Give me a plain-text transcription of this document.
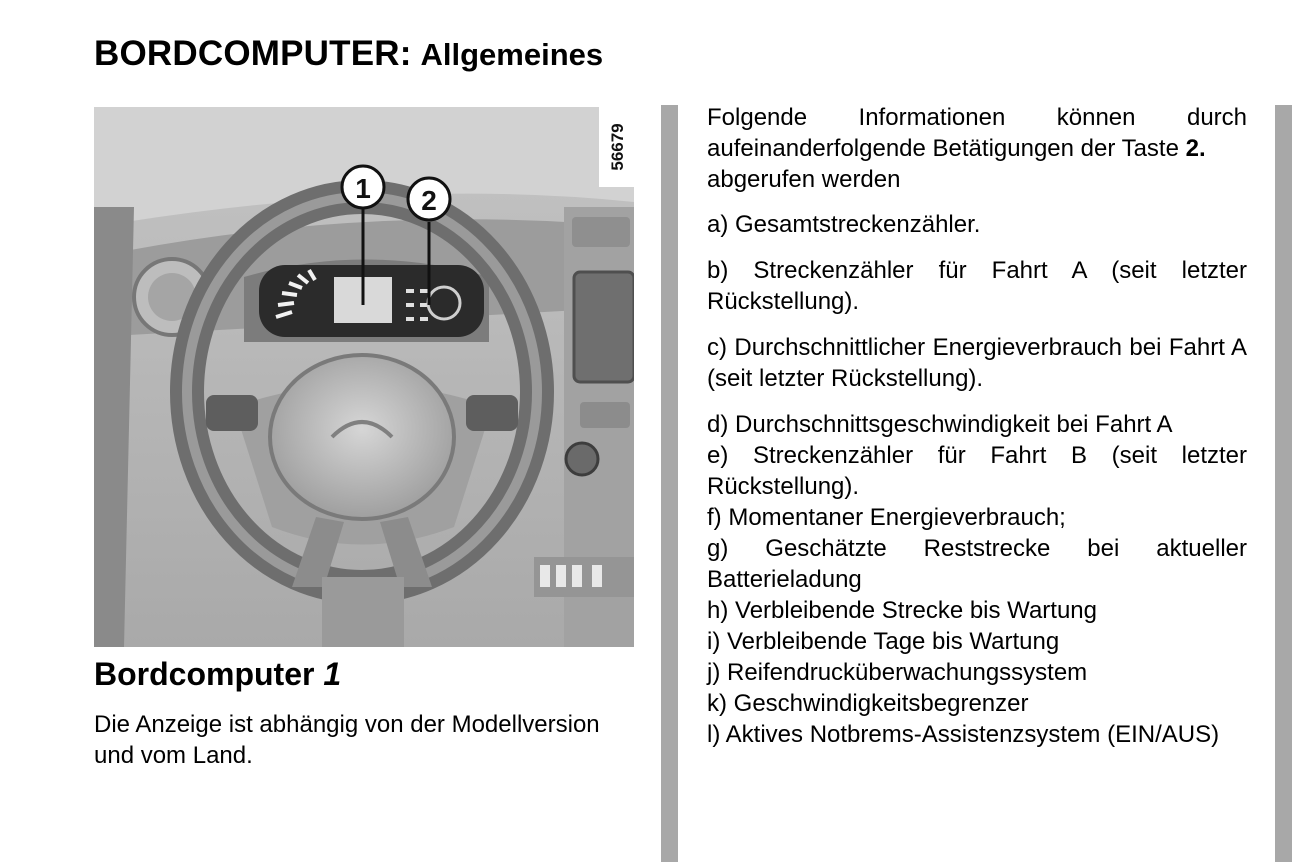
BORDCOMPUTER: Allgemeines
1 2
56679
Bordcomputer 1

Die Anzeige ist abhängig von der Modellversion und vom Land.

Folgende Informationen können durch aufeinanderfolgende Betätigungen der Taste 2.
abgerufen werden

a) Gesamtstreckenzähler.

b) Streckenzähler für Fahrt A (seit letzter Rückstellung).

c) Durchschnittlicher Energieverbrauch bei Fahrt A (seit letzter Rückstellung).

d) Durchschnittsgeschwindigkeit bei Fahrt A

e) Streckenzähler für Fahrt B (seit letzter Rückstellung).

f) Momentaner Energieverbrauch;

g) Geschätzte Reststrecke bei aktueller Batterieladung

h) Verbleibende Strecke bis Wartung

i) Verbleibende Tage bis Wartung

j) Reifendrucküberwachungssystem

k) Geschwindigkeitsbegrenzer

l) Aktives Notbrems-Assistenzsystem (EIN/AUS)
